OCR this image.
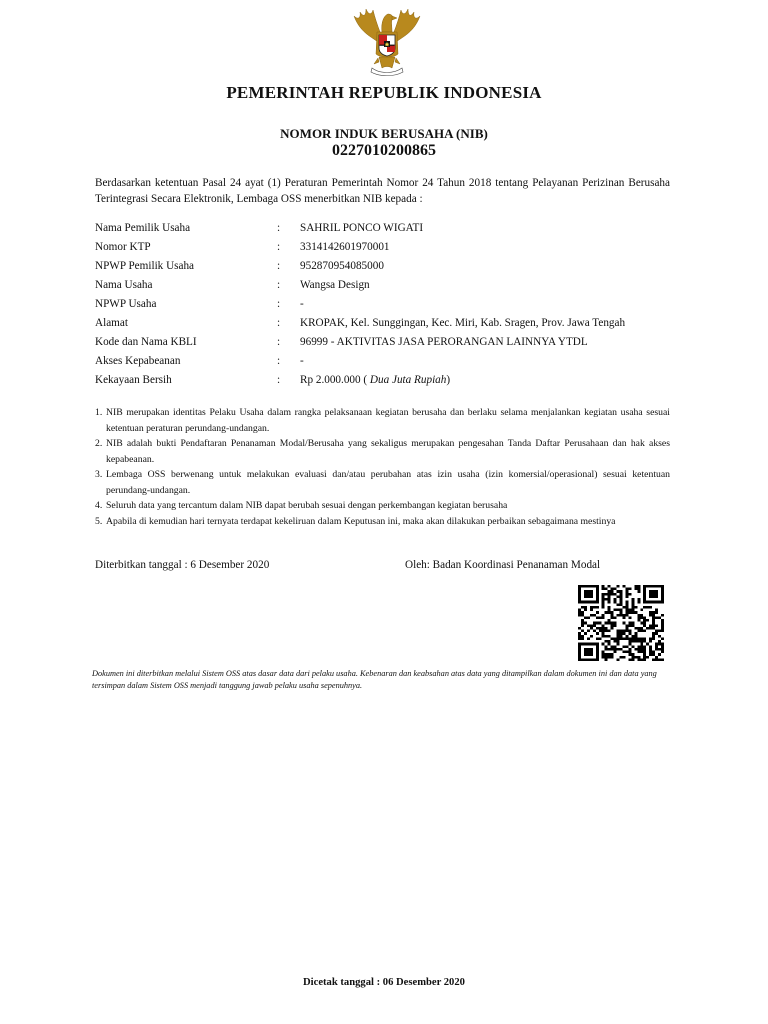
PEMERINTAH REPUBLIK INDONESIA
NOMOR INDUK BERUSAHA (NIB)
0227010200865
Berdasarkan ketentuan Pasal 24 ayat (1) Peraturan Pemerintah Nomor 24 Tahun 2018 tentang Pelayanan Perizinan Berusaha Terintegrasi Secara Elektronik, Lembaga OSS menerbitkan NIB kepada :
Nama Pemilik Usaha	: SAHRIL PONCO WIGATI
Nomor KTP	: 3314142601970001
NPWP Pemilik Usaha	: 952870954085000
Nama Usaha	: Wangsa Design
NPWP Usaha	: -
Alamat	: KROPAK, Kel. Sunggingan, Kec. Miri, Kab. Sragen, Prov. Jawa Tengah
Kode dan Nama KBLI	: 96999 - AKTIVITAS JASA PERORANGAN LAINNYA YTDL
Akses Kepabeanan	: -
Kekayaan Bersih	: Rp 2.000.000 ( Dua Juta Rupiah)
1. NIB merupakan identitas Pelaku Usaha dalam rangka pelaksanaan kegiatan berusaha dan berlaku selama menjalankan kegiatan usaha sesuai ketentuan peraturan perundang-undangan.
2. NIB adalah bukti Pendaftaran Penanaman Modal/Berusaha yang sekaligus merupakan pengesahan Tanda Daftar Perusahaan dan hak akses kepabeanan.
3. Lembaga OSS berwenang untuk melakukan evaluasi dan/atau perubahan atas izin usaha (izin komersial/operasional) sesuai ketentuan perundang-undangan.
4. Seluruh data yang tercantum dalam NIB dapat berubah sesuai dengan perkembangan kegiatan berusaha
5. Apabila di kemudian hari ternyata terdapat kekeliruan dalam Keputusan ini, maka akan dilakukan perbaikan sebagaimana mestinya
Diterbitkan tanggal : 6 Desember 2020	Oleh: Badan Koordinasi Penanaman Modal
Dokumen ini diterbitkan melalui Sistem OSS atas dasar data dari pelaku usaha. Kebenaran dan keabsahan atas data yang ditampilkan dalam dokumen ini dan data yang tersimpan dalam Sistem OSS menjadi tanggung jawab pelaku usaha sepenuhnya.
Dicetak tanggal : 06 Desember 2020
